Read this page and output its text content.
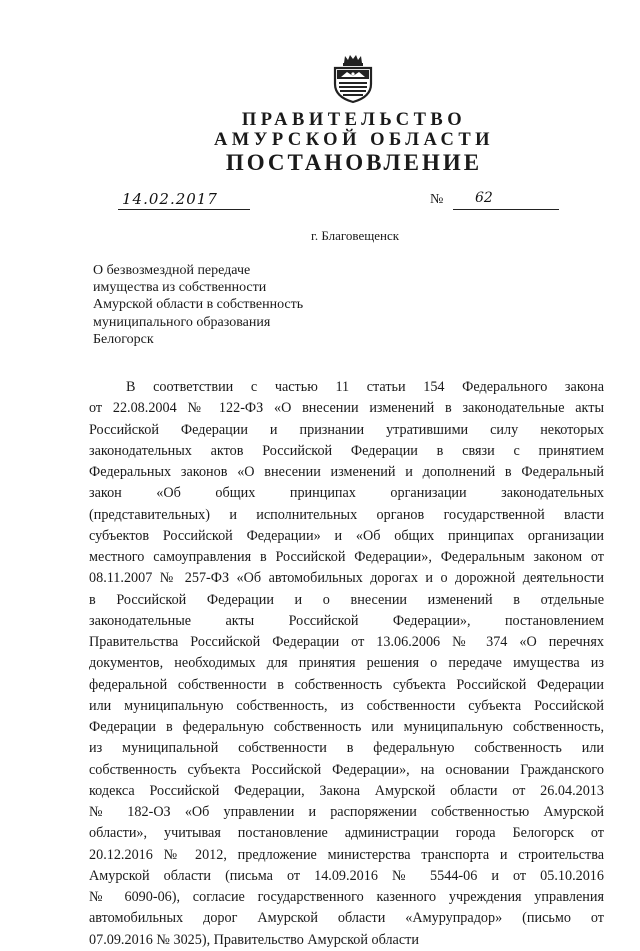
ПРАВИТЕЛЬСТВО
АМУРСКОЙ ОБЛАСТИ
ПОСТАНОВЛЕНИЕ
14.02.2017	№	62
г. Благовещенск
О безвозмездной передаче
имущества из собственности
Амурской области в собственность
муниципального образования
Белогорск
В соответствии с частью 11 статьи 154 Федерального закона
от 22.08.2004 № 122-ФЗ «О внесении изменений в законодательные акты
Российской Федерации и признании утратившими силу некоторых
законодательных актов Российской Федерации в связи с принятием
Федеральных законов «О внесении изменений и дополнений в Федеральный
закон «Об общих принципах организации законодательных
(представительных) и исполнительных органов государственной власти
субъектов Российской Федерации» и «Об общих принципах организации
местного самоуправления в Российской Федерации», Федеральным законом от
08.11.2007 № 257-ФЗ «Об автомобильных дорогах и о дорожной деятельности
в Российской Федерации и о внесении изменений в отдельные
законодательные акты Российской Федерации», постановлением
Правительства Российской Федерации от 13.06.2006 № 374 «О перечнях
документов, необходимых для принятия решения о передаче имущества из
федеральной собственности в собственность субъекта Российской Федерации
или муниципальную собственность, из собственности субъекта Российской
Федерации в федеральную собственность или муниципальную собственность,
из муниципальной собственности в федеральную собственность или
собственность субъекта Российской Федерации», на основании Гражданского
кодекса Российской Федерации, Закона Амурской области от 26.04.2013
№ 182-ОЗ «Об управлении и распоряжении собственностью Амурской
области», учитывая постановление администрации города Белогорск от
20.12.2016 № 2012, предложение министерства транспорта и строительства
Амурской области (письма от 14.09.2016 № 5544-06 и от 05.10.2016
№ 6090-06), согласие государственного казенного учреждения управления
автомобильных дорог Амурской области «Амурупрадор» (письмо от
07.09.2016 № 3025), Правительство Амурской области
